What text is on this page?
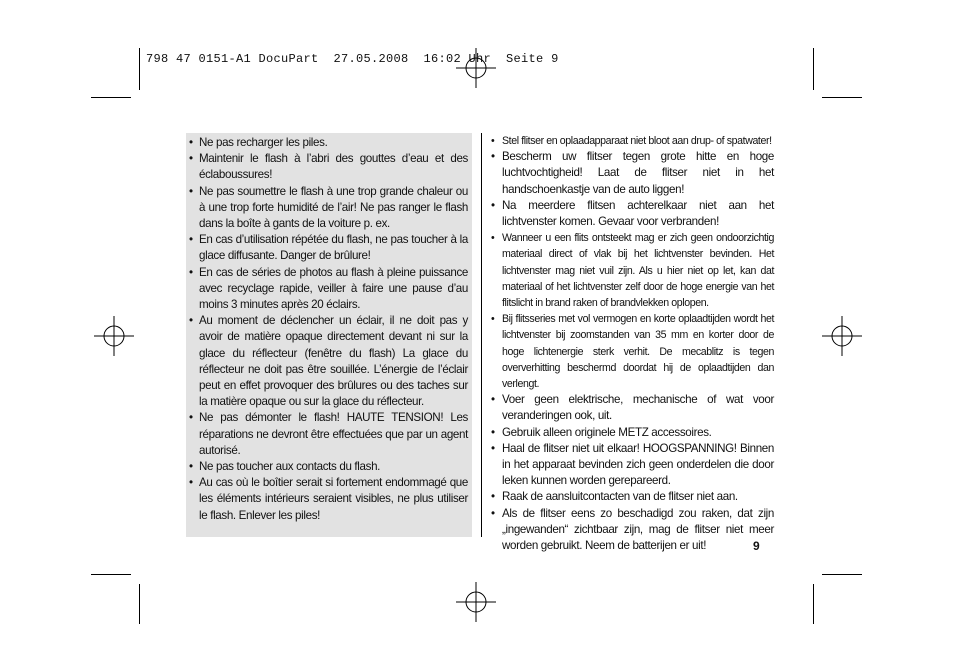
798 47 0151-A1 DocuPart  27.05.2008  16:02 Uhr  Seite 9
• Ne pas recharger les piles.
• Maintenir le flash à l’abri des gouttes d’eau et des éclaboussures!
• Ne pas soumettre le flash à une trop grande chaleur ou à une trop forte humidité de l’air! Ne pas ranger le flash dans la boîte à gants de la voiture p. ex.
• En cas d’utilisation répétée du flash, ne pas toucher à la glace diffusante. Danger de brûlure!
• En cas de séries de photos au flash à pleine puissance avec recyclage rapide, veiller à faire une pause d’au moins 3 minutes après 20 éclairs.
• Au moment de déclencher un éclair, il ne doit pas y avoir de matière opaque directement devant ni sur la glace du réflecteur (fenêtre du flash) La glace du réflecteur ne doit pas être souillée. L’énergie de l’éclair peut en effet provoquer des brûlures ou des taches sur la matière opaque ou sur la glace du réflecteur.
• Ne pas démonter le flash! HAUTE TENSION! Les réparations ne devront être effectuées que par un agent autorisé.
• Ne pas toucher aux contacts du flash.
• Au cas où le boîtier serait si fortement endommagé que les éléments intérieurs seraient visibles, ne plus utiliser le flash. Enlever les piles!
• Stel flitser en oplaadapparaat niet bloot aan drup- of spatwater!
• Bescherm uw flitser tegen grote hitte en hoge luchtvochtigheid! Laat de flitser niet in het handschoenkastje van de auto liggen!
• Na meerdere flitsen achterelkaar niet aan het lichtvenster komen. Gevaar voor verbranden!
• Wanneer u een flits ontsteekt mag er zich geen ondoorzichtig materiaal direct of vlak bij het lichtvenster bevinden. Het lichtvenster mag niet vuil zijn. Als u hier niet op let, kan dat materiaal of het lichtvenster zelf door de hoge energie van het flitslicht in brand raken of brandvlekken oplopen.
• Bij flitsseries met vol vermogen en korte oplaadtijden wordt het lichtvenster bij zoomstanden van 35 mm en korter door de hoge lichtenergie sterk verhit. De mecablitz is tegen oververhitting beschermd doordat hij de oplaadtijden dan verlengt.
• Voer geen elektrische, mechanische of wat voor veranderingen ook, uit.
• Gebruik alleen originele METZ accessoires.
• Haal de flitser niet uit elkaar! HOOGSPANNING! Binnen in het apparaat bevinden zich geen onderdelen die door leken kunnen worden gerepareerd.
• Raak de aansluitcontacten van de flitser niet aan.
• Als de flitser eens zo beschadigd zou raken, dat zijn „ingewanden“ zichtbaar zijn, mag de flitser niet meer worden gebruikt. Neem de batterijen er uit!	9
